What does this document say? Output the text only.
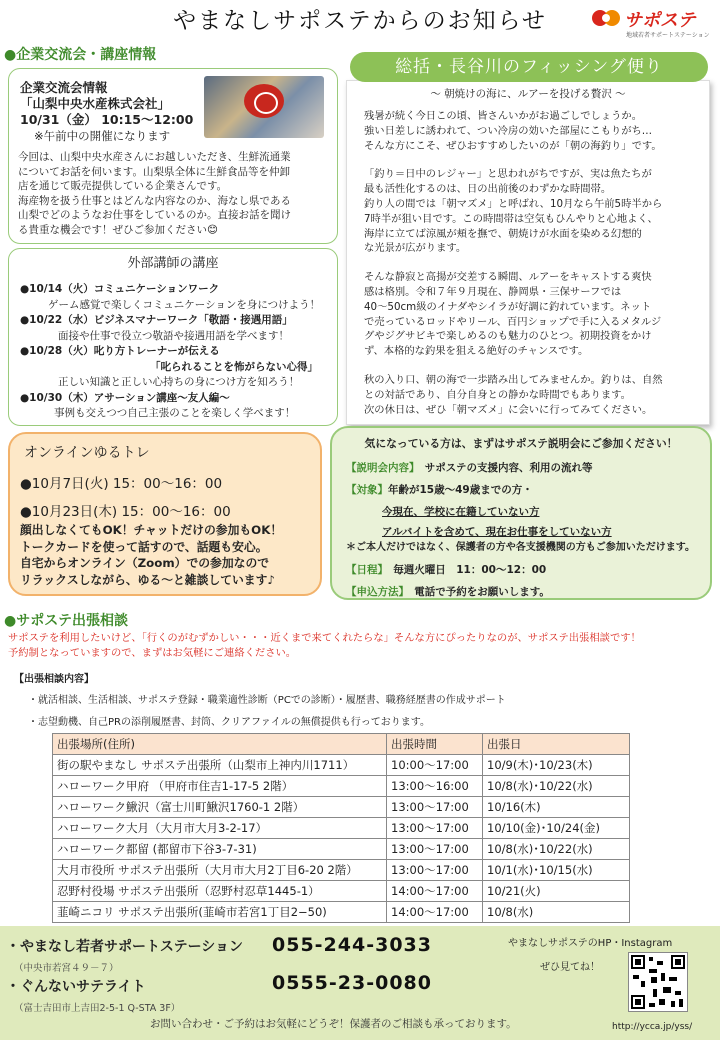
やまなしサポステからのお知らせ	サポステ
地域若者サポートステーション
●企業交流会・講座情報
企業交流会情報
「山梨中央水産株式会社」
10/31（金） 10:15～12:00
※午前中の開催になります
今回は、山梨中央水産さんにお越しいただき、生鮮流通業
についてお話を伺います。山梨県全体に生鮮食品等を仲卸
店を通じて販売提供している企業さんです。
海産物を扱う仕事とはどんな内容なのか、海なし県である
山梨でどのようなお仕事をしているのか。直接お話を聞け
る貴重な機会です！ぜひご参加ください😊
外部講師の講座
●10/14（火）コミュニケーションワーク
ゲーム感覚で楽しくコミュニケーションを身につけよう！
●10/22（水）ビジネスマナーワーク「敬語・接遇用語」
面接や仕事で役立つ敬語や接遇用語を学べます！
●10/28（火）叱り方トレーナーが伝える
「叱られることを怖がらない心得」
正しい知識と正しい心持ちの身につけ方を知ろう！
●10/30（木）アサーション講座～友人編～
事例も交えつつ自己主張のことを楽しく学べます！
総括・長谷川のフィッシング便り
～ 朝焼けの海に、ルアーを投げる贅沢 ～
残暑が続く今日この頃、皆さんいかがお過ごしでしょうか。
強い日差しに誘われて、つい冷房の効いた部屋にこもりがち…
そんな方にこそ、ぜひおすすめしたいのが「朝の海釣り」です。
「釣り＝日中のレジャー」と思われがちですが、実は魚たちが
最も活性化するのは、日の出前後のわずかな時間帯。
釣り人の間では「朝マズメ」と呼ばれ、10月なら午前5時半から
7時半が狙い目です。この時間帯は空気もひんやりと心地よく、
海岸に立てば涼風が頬を撫で、朝焼けが水面を染める幻想的
な光景が広がります。
そんな静寂と高揚が交差する瞬間、ルアーをキャストする爽快
感は格別。令和７年９月現在、静岡県・三保サーフでは
40～50cm級のイナダやシイラが好調に釣れています。ネット
で売っているロッドやリール、百円ショップで手に入るメタルジ
グやジグサビキで楽しめるのも魅力のひとつ。初期投資をかけ
ず、本格的な釣果を狙える絶好のチャンスです。
秋の入り口、朝の海で一歩踏み出してみませんか。釣りは、自然
との対話であり、自分自身との静かな時間でもあります。
次の休日は、ぜひ「朝マズメ」に会いに行ってみてください。
オンラインゆるトレ
●10月7日(火) 15：00～16：00
●10月23日(木) 15：00～16：00
顔出しなくてもOK！チャットだけの参加もOK！
トークカードを使って話すので、話題も安心。
自宅からオンライン（Zoom）での参加なので
リラックスしながら、ゆる～と雑談しています♪
気になっている方は、まずはサポステ説明会にご参加ください！
【説明会内容】　 サポステの支援内容、利用の流れ等
【対象】年齢が15歳～49歳までの方・
今現在、学校に在籍していない方
アルバイトを含めて、現在お仕事をしていない方
＊ご本人だけではなく、保護者の方や各支援機関の方もご参加いただけます。
【日程】　 毎週火曜日　11：00～12：00
【申込方法】　 電話で予約をお願いします。
●サポステ出張相談
サポステを利用したいけど、「行くのがむずかしい・・・近くまで来てくれたらな」そんな方にぴったりなのが、サポステ出張相談です！
予約制となっていますので、まずはお気軽にご連絡ください。
【出張相談内容】
・就活相談、生活相談、サポステ登録・職業適性診断（PCでの診断）・履歴書、職務経歴書の作成サポート
・志望動機、自己PRの添削履歴書、封筒、クリアファイルの無償提供も行っております。
出張場所(住所)	出張時間	出張日
街の駅やまなし サポステ出張所（山梨市上神内川1711）	10:00～17:00	10/9(木)･10/23(木)
ハローワーク甲府 （甲府市住吉1-17-5 2階）	13:00～16:00	10/8(水)･10/22(水)
ハローワーク鰍沢（富士川町鰍沢1760-1 2階）	13:00～17:00	10/16(木)
ハローワーク大月（大月市大月3-2-17）	13:00～17:00	10/10(金)･10/24(金)
ハローワーク都留 (都留市下谷3-7-31)	13:00～17:00	10/8(水)･10/22(水)
大月市役所 サポステ出張所（大月市大月2丁目6-20 2階）	13:00～17:00	10/1(水)･10/15(水)
忍野村役場 サポステ出張所（忍野村忍草1445-1）	14:00～17:00	10/21(火)
韮崎ニコリ サポステ出張所(韮崎市若宮1丁目2−50)	14:00～17:00	10/8(水)
・やまなし若者サポートステーション
（中央市若宮４９－７）
055-244-3033
・ぐんないサテライト
（富士吉田市上吉田2-5-1 Q-STA 3F）
0555-23-0080
やまなしサポステのHP・Instagram
ぜひ見てね！
お問い合わせ・ご予約はお気軽にどうぞ！保護者のご相談も承っております。	http://ycca.jp/yss/
